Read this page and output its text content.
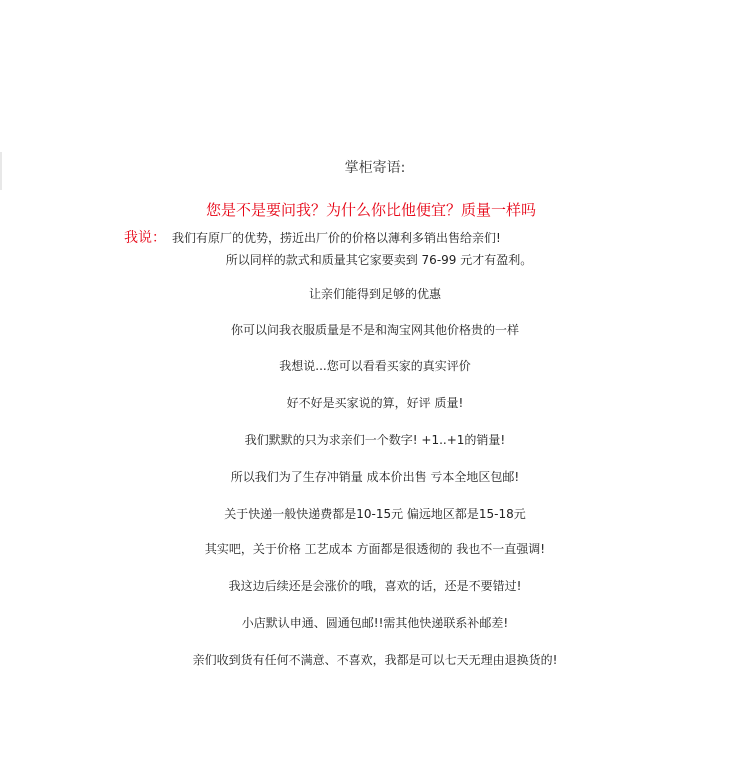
掌柜寄语:
您是不是要问我？为什么你比他便宜？质量一样吗
我说： 我们有原厂的优势，捞近出厂价的价格以薄利多销出售给亲们!
所以同样的款式和质量其它家要卖到 76-99 元才有盈利。
让亲们能得到足够的优惠
你可以问我衣服质量是不是和淘宝网其他价格贵的一样
我想说...您可以看看买家的真实评价
好不好是买家说的算，好评 质量!
我们默默的只为求亲们一个数字! +1..+1的销量!
所以我们为了生存冲销量 成本价出售 亏本全地区包邮!
关于快递一般快递费都是10-15元 偏远地区都是15-18元
其实吧，关于价格 工艺成本 方面都是很透彻的 我也不一直强调!
我这边后续还是会涨价的哦，喜欢的话，还是不要错过!
小店默认申通、圆通包邮!!需其他快递联系补邮差!
亲们收到货有任何不满意、不喜欢，我都是可以七天无理由退换货的!
